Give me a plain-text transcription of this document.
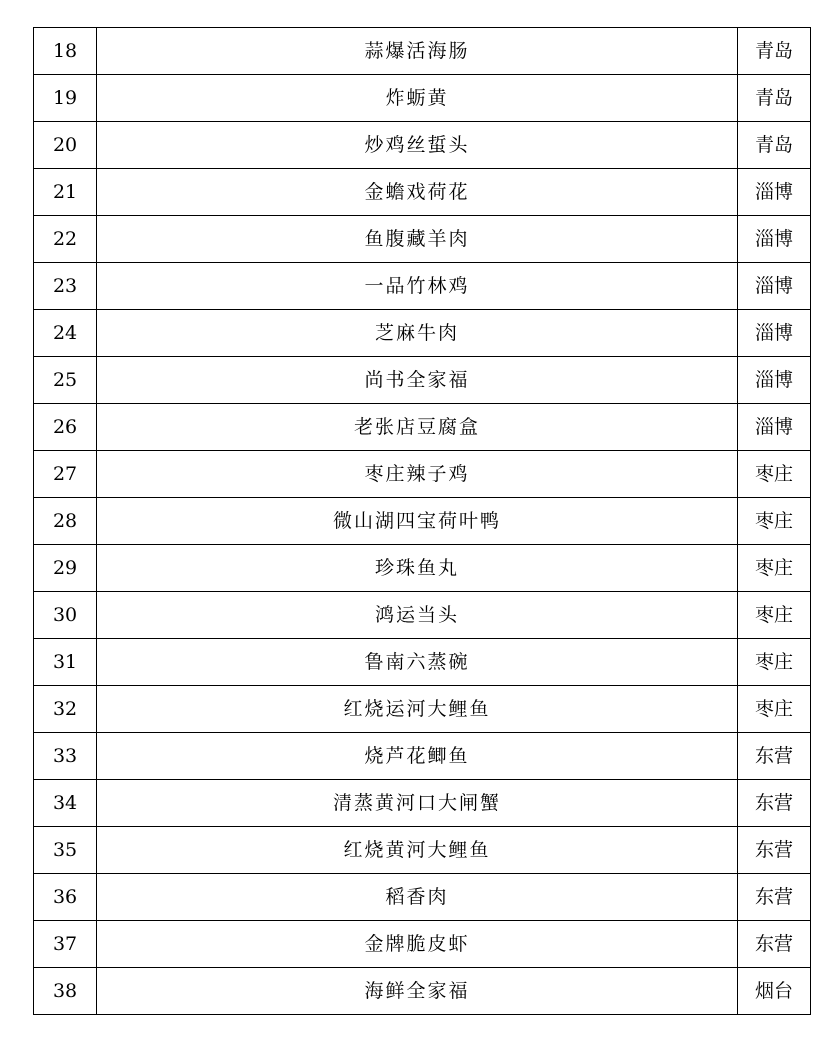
18	蒜爆活海肠	青岛
19	炸蛎黄	青岛
20	炒鸡丝蜇头	青岛
21	金蟾戏荷花	淄博
22	鱼腹藏羊肉	淄博
23	一品竹林鸡	淄博
24	芝麻牛肉	淄博
25	尚书全家福	淄博
26	老张店豆腐盒	淄博
27	枣庄辣子鸡	枣庄
28	微山湖四宝荷叶鸭	枣庄
29	珍珠鱼丸	枣庄
30	鸿运当头	枣庄
31	鲁南六蒸碗	枣庄
32	红烧运河大鲤鱼	枣庄
33	烧芦花鲫鱼	东营
34	清蒸黄河口大闸蟹	东营
35	红烧黄河大鲤鱼	东营
36	稻香肉	东营
37	金牌脆皮虾	东营
38	海鲜全家福	烟台
